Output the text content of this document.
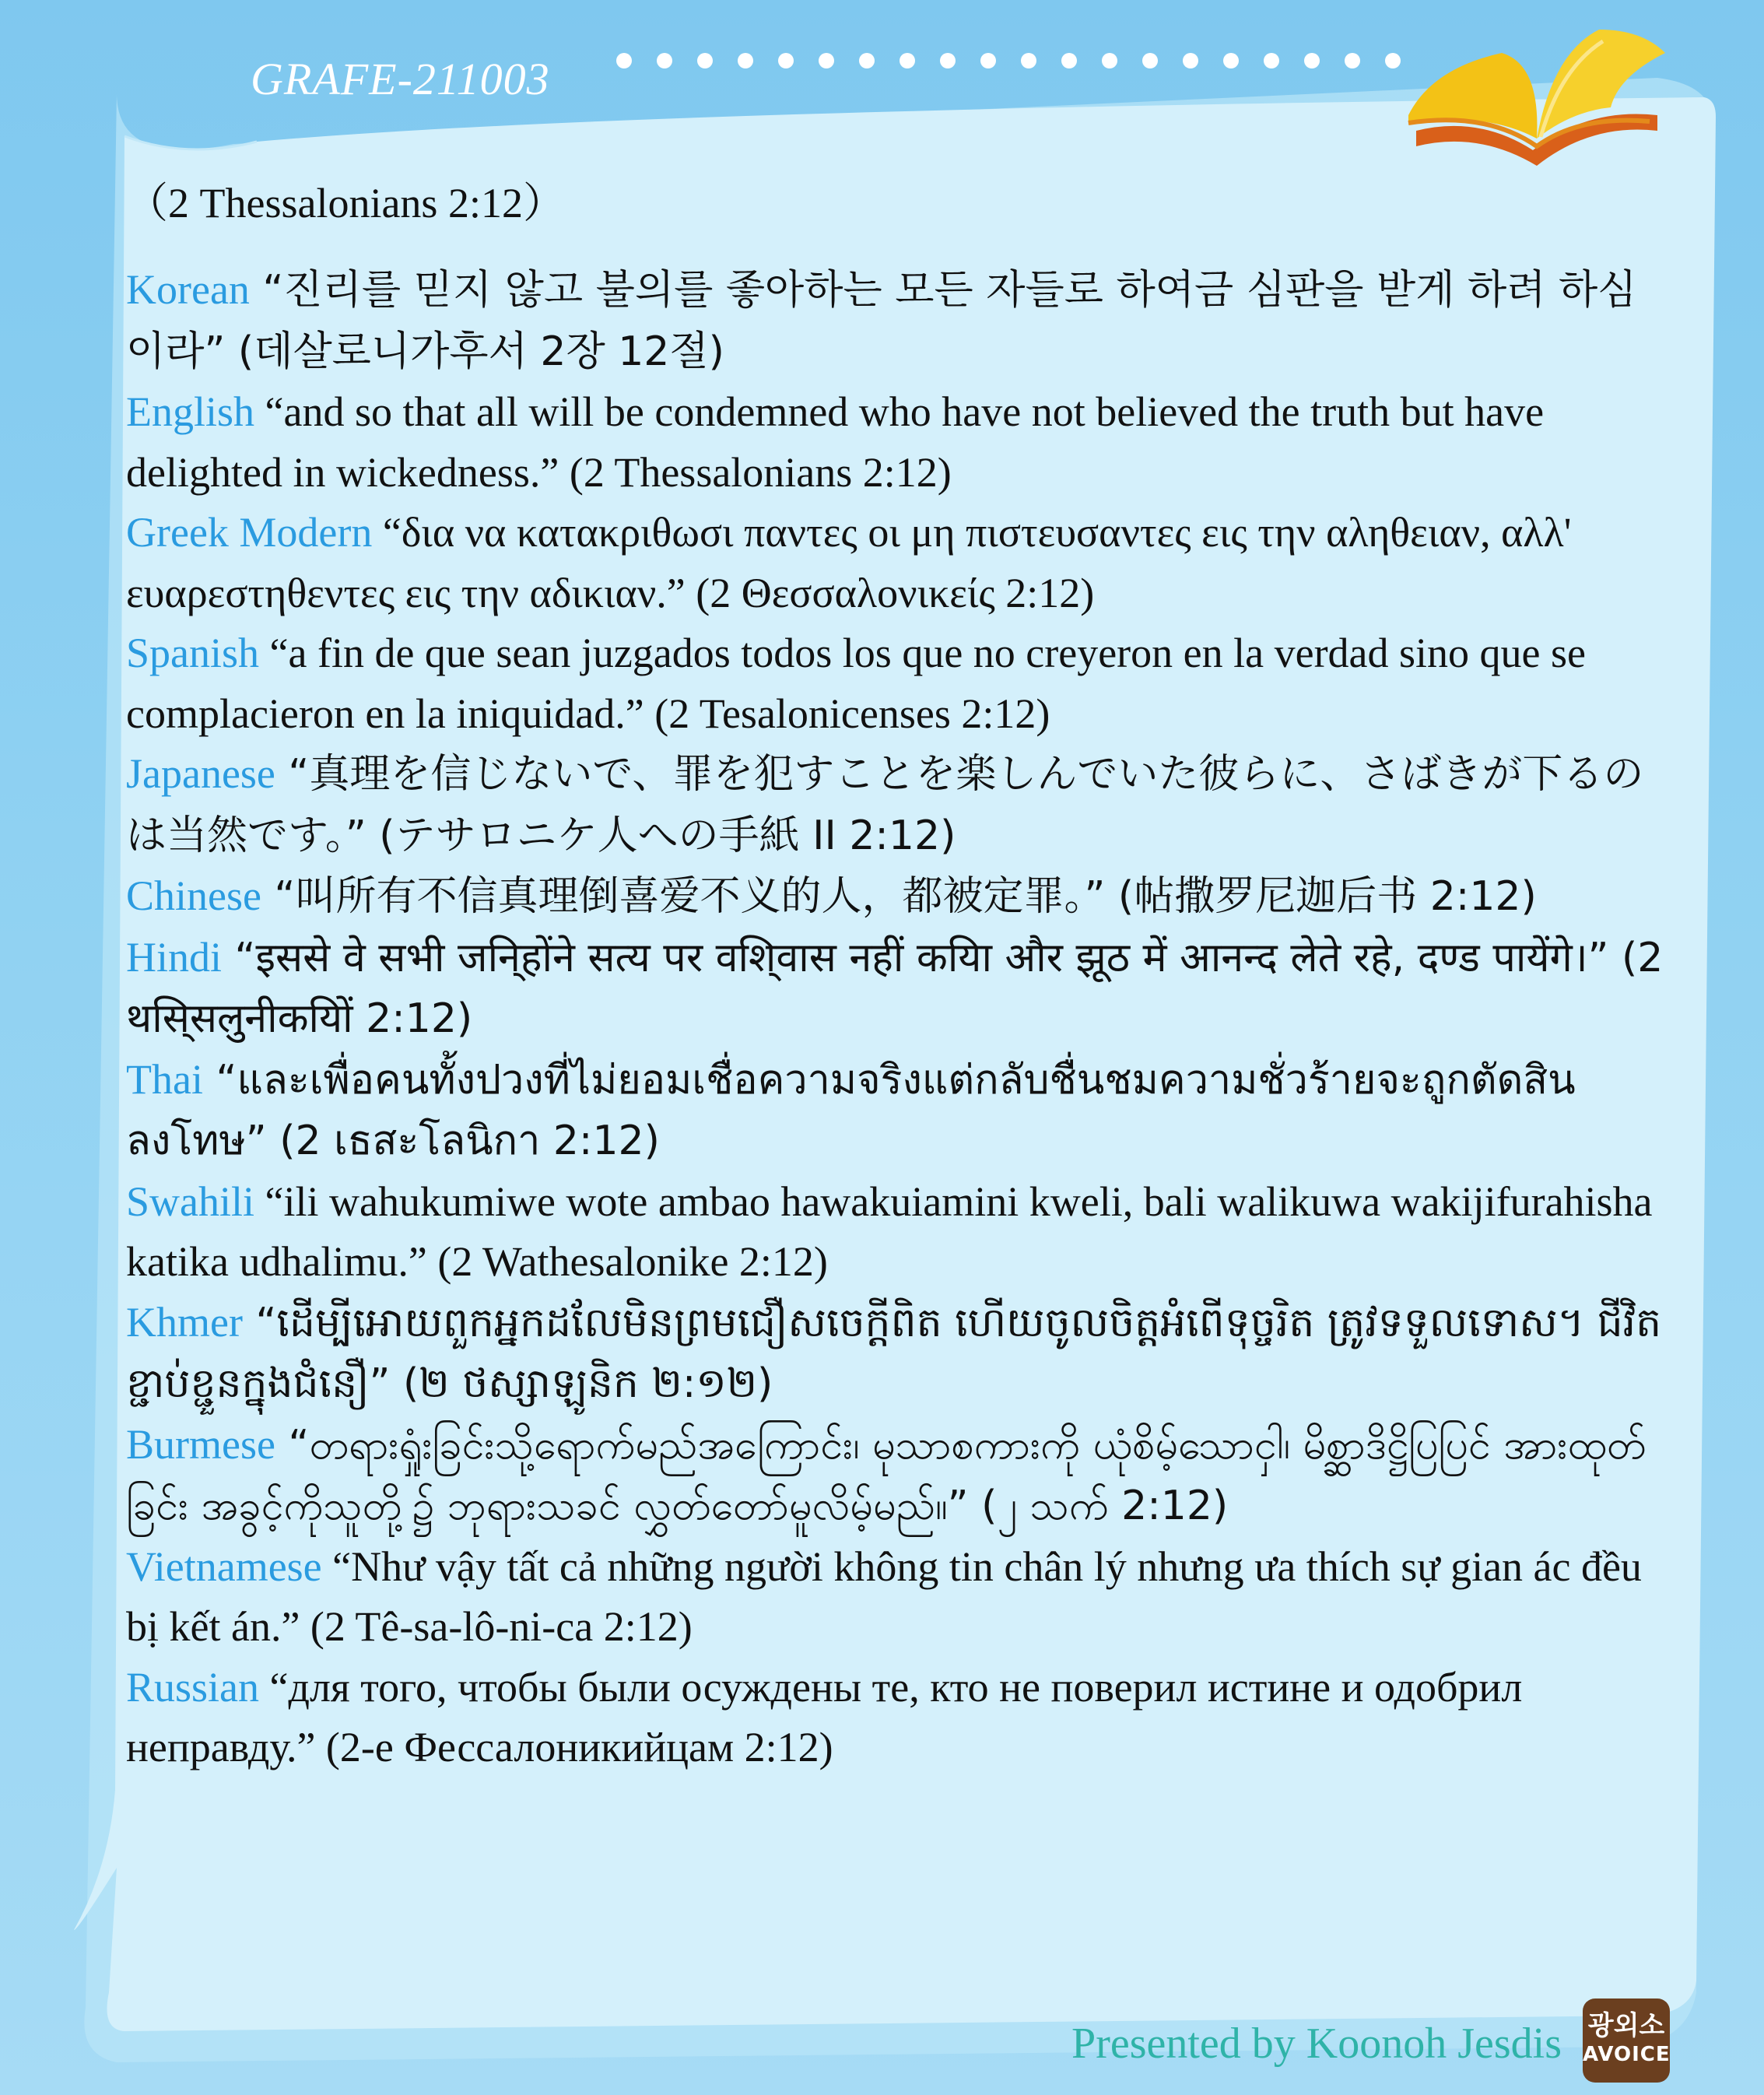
GRAFE-211003
（2 Thessalonians 2:12）

Korean “진리를 믿지 않고 불의를 좋아하는 모든 자들로 하여금 심판을 받게 하려 하심이라” (데살로니가후서 2장 12절)

English “and so that all will be condemned who have not believed the truth but have delighted in wickedness.” (2 Thessalonians 2:12)

Greek Modern “δια να κατακριθωσι παντες οι μη πιστευσαντες εις την αληθειαν, αλλ' ευαρεστηθεντες εις την αδικιαν.” (2 Θεσσαλονικείς 2:12)

Spanish “a fin de que sean juzgados todos los que no creyeron en la verdad sino que se complacieron en la iniquidad.” (2 Tesalonicenses 2:12)

Japanese “真理を信じないで、罪を犯すことを楽しんでいた彼らに、さばきが下るのは当然です。” (テサロニケ人への手紙 II 2:12)

Chinese “叫所有不信真理倒喜爱不义的人，都被定罪。” (帖撒罗尼迦后书 2:12)

Hindi “इससे वे सभी जनि्होंने सत्य पर वशि्वास नहीं कयिा और झूठ में आनन्द लेते रहे, दण्ड पायेंगे।” (2 थसि्सलुनीकयिों 2:12)

Thai “และเพื่อคนทั้งปวงที่ไม่ยอมเชื่อความจริงแต่กลับชื่นชมความชั่วร้ายจะถูกตัดสินลงโทษ” (2 เธสะโลนิกา 2:12)

Swahili “ili wahukumiwe wote ambao hawakuiamini kweli, bali walikuwa wakijifurahisha katika udhalimu.” (2 Wathesalonike 2:12)

Khmer “ដើម្បីអោយពួកអ្នកដលែមិនព្រមជឿសចេក្ដីពិត ហើយចូលចិត្តអំពើទុច្ចរិត ត្រូវទទួលទោស។ ជីវិតខ្ជាប់ខ្ជួនក្នុងជំនឿ” (២ ថស្សាឡូនិក ២:១២)

Burmese “တရားရှုံးခြင်းသို့ရောက်မည်အကြောင်း၊ မုသာစကားကို ယုံစိမ့်သောငှါ၊ မိစ္ဆာဒိဋ္ဌိပြပြင် အားထုတ်ခြင်း အခွင့်ကိုသူတို့၌ ဘုရားသခင် လွှတ်တော်မူလိမ့်မည်။” (၂ သက် 2:12)

Vietnamese “Như vậy tất cả những người không tin chân lý nhưng ưa thích sự gian ác đều bị kết án.” (2 Tê-sa-lô-ni-ca 2:12)

Russian “для того, чтобы были осуждены те, кто не поверил истине и одобрил неправду.” (2-е Фессалоникийцам 2:12)

Presented by Koonoh Jesdis 광외소
AVOICE
